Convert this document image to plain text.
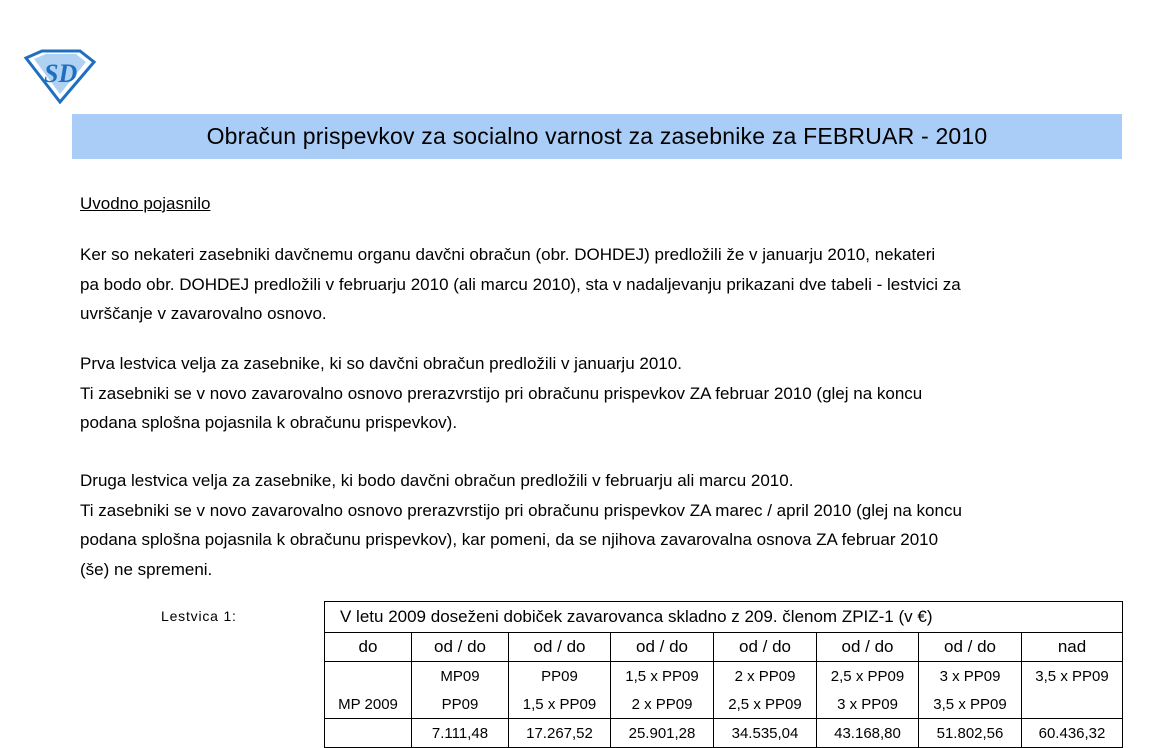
SD
Obračun prispevkov za socialno varnost za zasebnike za FEBRUAR - 2010
Uvodno pojasnilo
Ker so nekateri zasebniki davčnemu organu davčni obračun (obr. DOHDEJ) predložili že v januarju 2010, nekateri
pa bodo obr. DOHDEJ predložili v februarju 2010 (ali marcu 2010), sta v nadaljevanju prikazani dve tabeli - lestvici za
uvrščanje v zavarovalno osnovo.
Prva lestvica velja za zasebnike, ki so davčni obračun predložili v januarju 2010.
Ti zasebniki se v novo zavarovalno osnovo prerazvrstijo pri obračunu prispevkov ZA februar 2010 (glej na koncu
podana splošna pojasnila k obračunu prispevkov).
Druga lestvica velja za zasebnike, ki bodo davčni obračun predložili v februarju ali marcu 2010.
Ti zasebniki se v novo zavarovalno osnovo prerazvrstijo pri obračunu prispevkov ZA marec / april 2010 (glej na koncu
podana splošna pojasnila k obračunu prispevkov), kar pomeni, da se njihova zavarovalna osnova ZA februar 2010
(še) ne spremeni.
Lestvica 1:	V letu 2009 doseženi dobiček zavarovanca skladno z 209. členom ZPIZ-1 (v €)							
do	od / do	od / do	od / do	od / do	od / do	od / do	nad
	MP09	PP09	1,5 x PP09	2 x PP09	2,5 x PP09	3 x PP09	3,5 x PP09
MP 2009	PP09	1,5 x PP09	2 x PP09	2,5 x PP09	3 x PP09	3,5 x PP09	
	7.111,48	17.267,52	25.901,28	34.535,04	43.168,80	51.802,56	60.436,32
